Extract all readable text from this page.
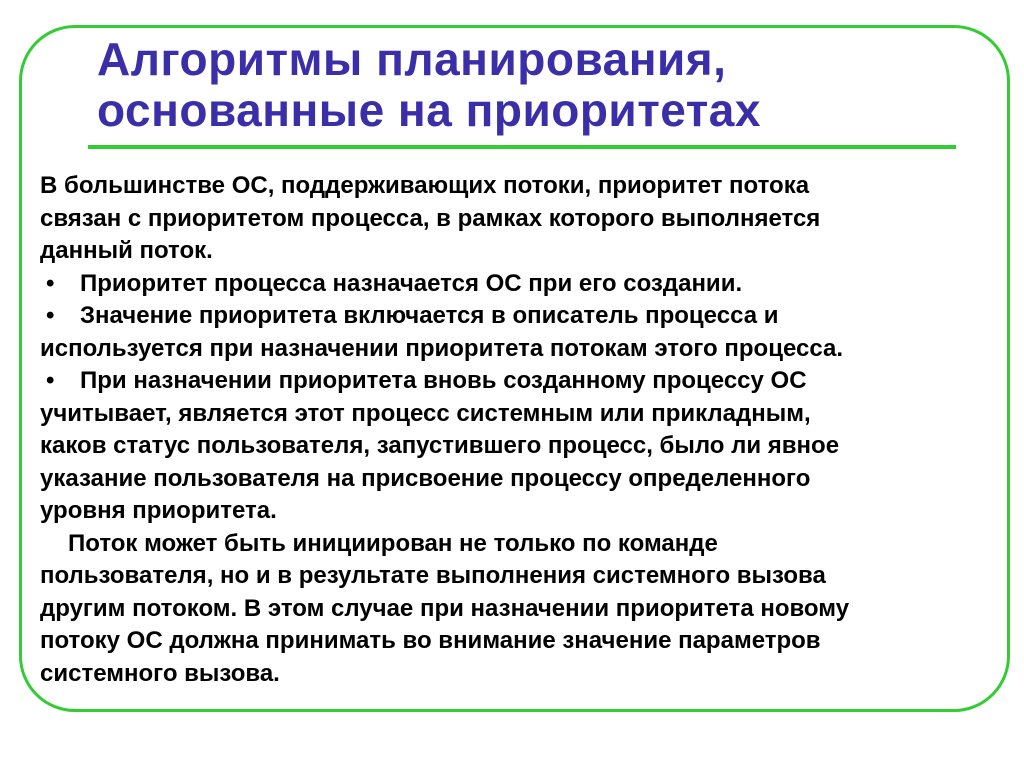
Алгоритмы планирования,
основанные на приоритетах
В большинстве ОС, поддерживающих потоки, приоритет потока
связан с приоритетом процесса, в рамках которого выполняется
данный поток.
• Приоритет процесса назначается ОС при его создании.
• Значение приоритета включается в описатель процесса и
используется при назначении приоритета потокам этого процесса.
• При назначении приоритета вновь созданному процессу ОС
учитывает, является этот процесс системным или прикладным,
каков статус пользователя, запустившего процесс, было ли явное
указание пользователя на присвоение процессу определенного
уровня приоритета.
Поток может быть инициирован не только по команде
пользователя, но и в результате выполнения системного вызова
другим потоком. В этом случае при назначении приоритета новому
потоку ОС должна принимать во внимание значение параметров
системного вызова.
